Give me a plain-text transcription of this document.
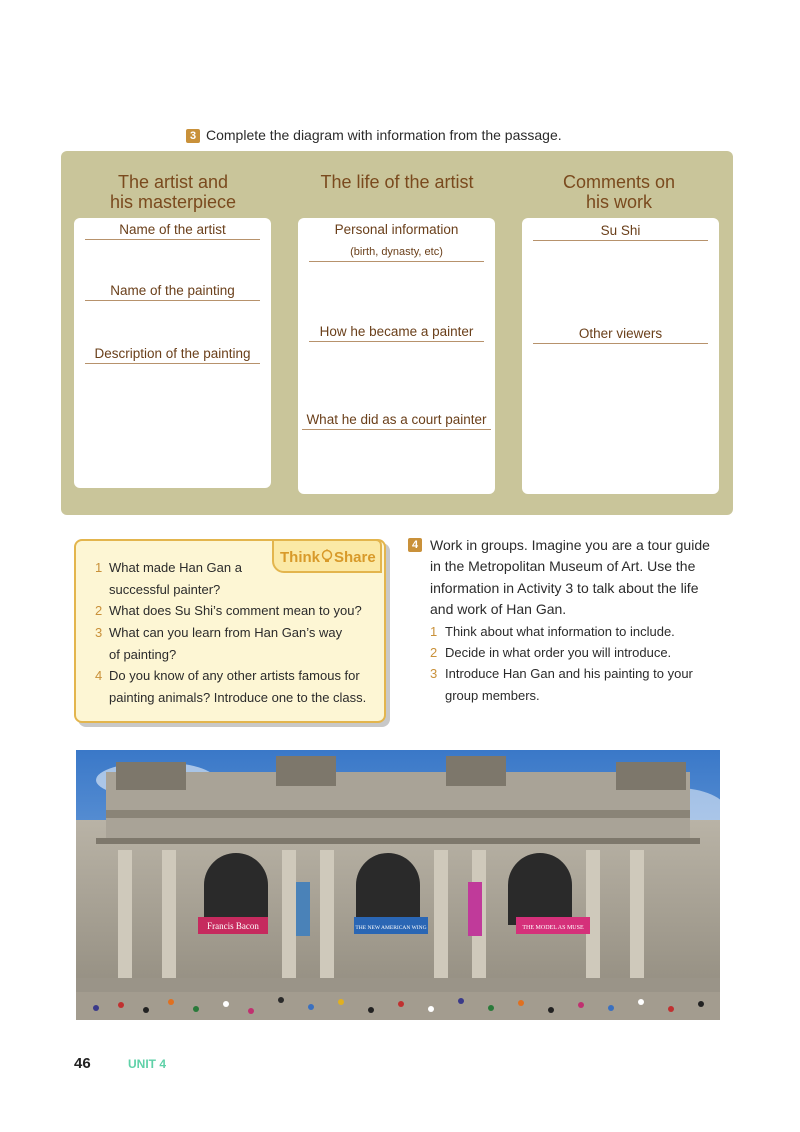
3 Complete the diagram with information from the passage.
The artist and
his masterpiece
Name of the artist
Name of the painting
Description of the painting
The life of the artist
Personal information
(birth, dynasty, etc)
How he became a painter
What he did as a court painter
Comments on
his work
Su Shi
Other viewers
1 What made Han Gan a
successful painter?
2 What does Su Shi’s comment mean to you?
3 What can you learn from Han Gan’s way
of painting?
4 Do you know of any other artists famous for
painting animals? Introduce one to the class.
Think Share
4 Work in groups. Imagine you are a tour guide
in the Metropolitan Museum of Art. Use the
information in Activity 3 to talk about the life
and work of Han Gan.
1 Think about what information to include.
2 Decide in what order you will introduce.
3 Introduce Han Gan and his painting to your
group members.
Francis Bacon	THE NEW AMERICAN WING	THE MODEL AS MUSE
46	UNIT 4
